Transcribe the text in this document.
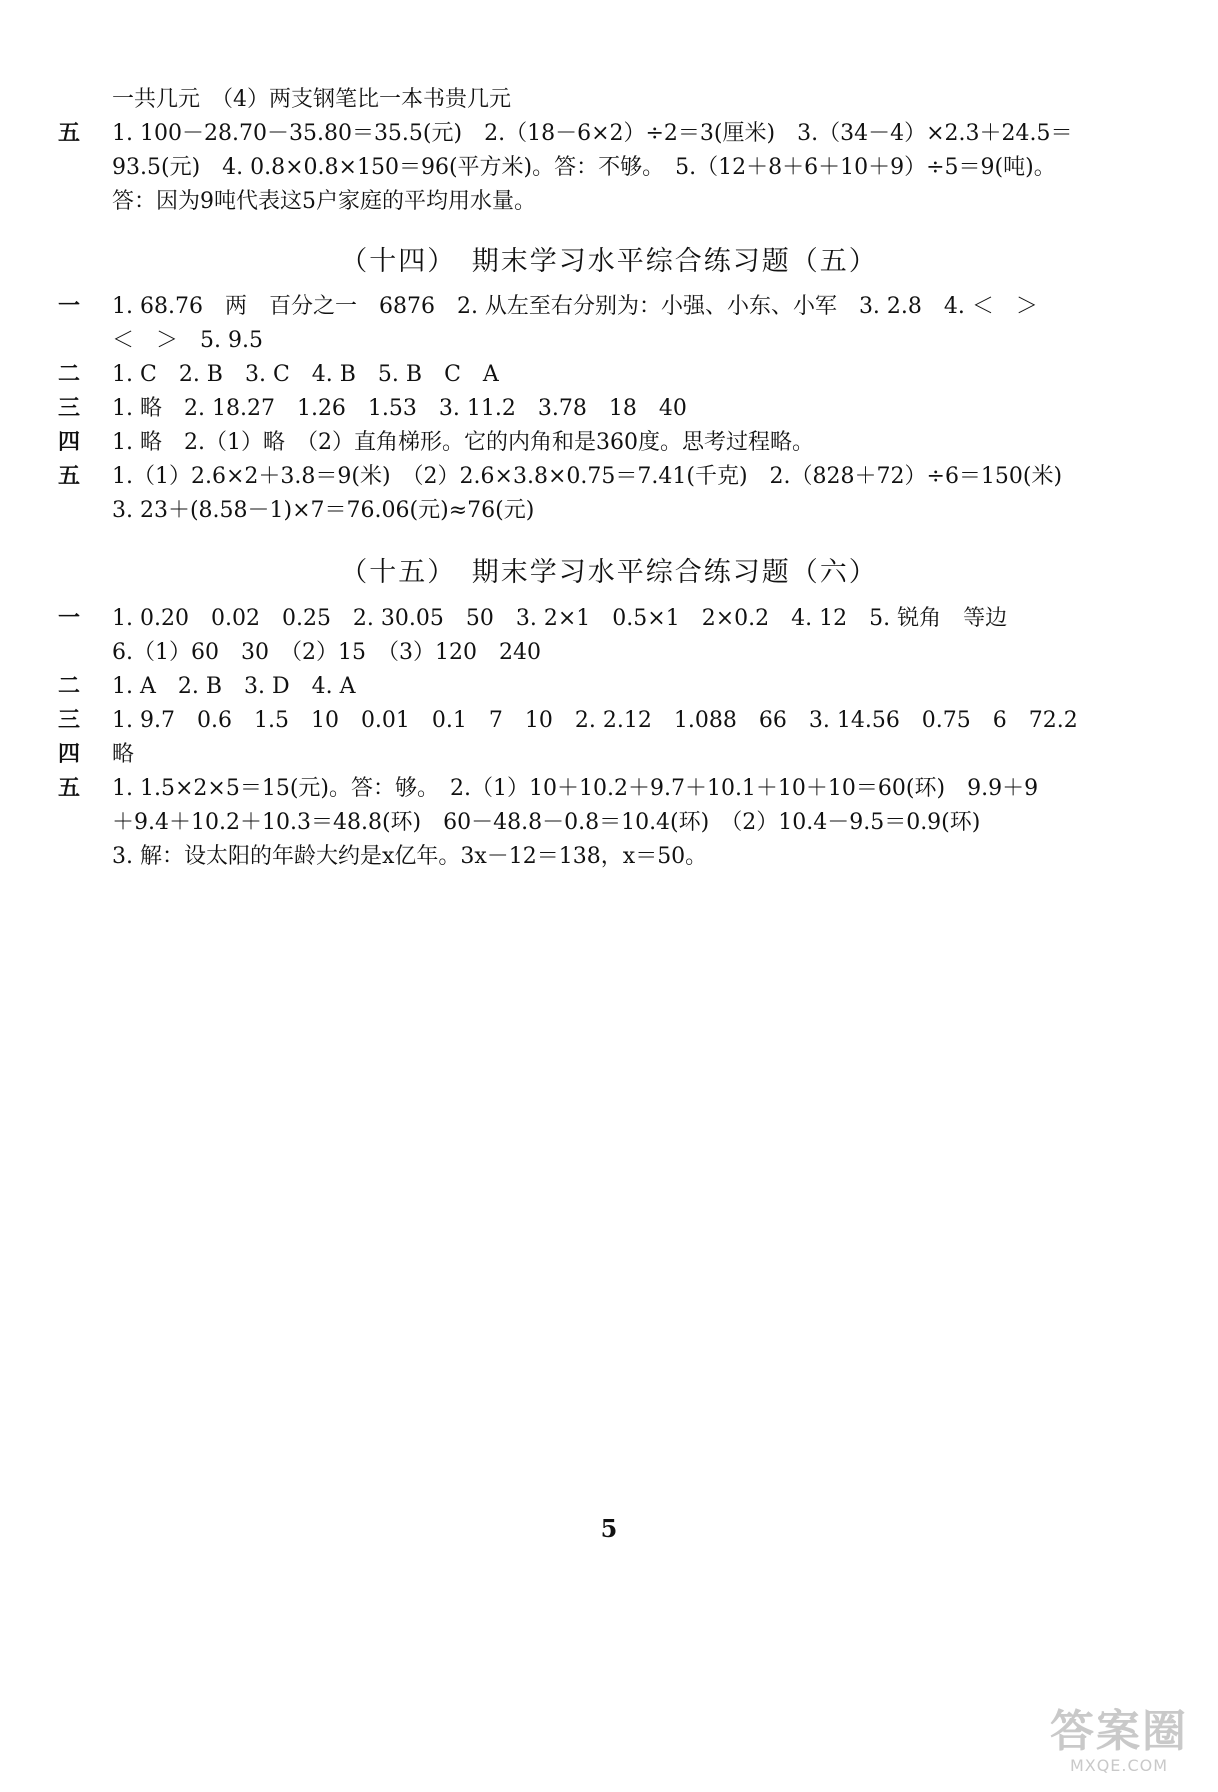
一共几元　（4）两支钢笔比一本书贵几元
五 1. 100－28.70－35.80＝35.5(元)　2.（18－6×2）÷2＝3(厘米)　3.（34－4）×2.3＋24.5＝
93.5(元)　4. 0.8×0.8×150＝96(平方米)。答：不够。　5.（12＋8＋6＋10＋9）÷5＝9(吨)。
答：因为9吨代表这5户家庭的平均用水量。
（十四）　期末学习水平综合练习题（五）
一 1. 68.76　两　百分之一　6876　2. 从左至右分别为：小强、小东、小军　3. 2.8　4. ＜　＞
＜　＞　5. 9.5
二 1. C　2. B　3. C　4. B　5. B　C　A
三 1. 略　2. 18.27　1.26　1.53　3. 11.2　3.78　18　40
四 1. 略　2.（1）略　（2）直角梯形。它的内角和是360度。思考过程略。
五 1.（1）2.6×2＋3.8＝9(米)　（2）2.6×3.8×0.75＝7.41(千克)　2.（828＋72）÷6＝150(米)
3. 23＋(8.58－1)×7＝76.06(元)≈76(元)
（十五）　期末学习水平综合练习题（六）
一 1. 0.20　0.02　0.25　2. 30.05　50　3. 2×1　0.5×1　2×0.2　4. 12　5. 锐角　等边
6.（1）60　30　（2）15　（3）120　240
二 1. A　2. B　3. D　4. A
三 1. 9.7　0.6　1.5　10　0.01　0.1　7　10　2. 2.12　1.088　66　3. 14.56　0.75　6　72.2
四 略
五 1. 1.5×2×5＝15(元)。答：够。　2.（1）10＋10.2＋9.7＋10.1＋10＋10＝60(环)　9.9＋9
＋9.4＋10.2＋10.3＝48.8(环)　60－48.8－0.8＝10.4(环)　（2）10.4－9.5＝0.9(环)
3. 解：设太阳的年龄大约是x亿年。3x－12＝138，x＝50。
5
答案圈
MXQE.COM
